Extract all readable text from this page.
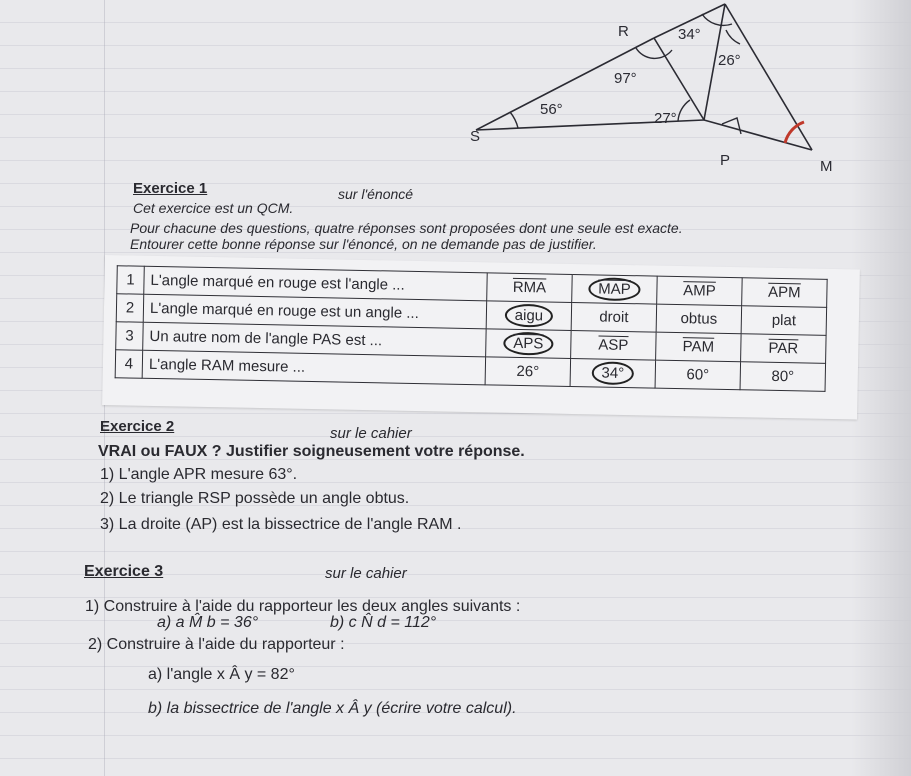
R
S
P	M
34°
26°
97°
56°
27°
Exercice 1	sur l'énoncé
Cet exercice est un QCM.
Pour chacune des questions, quatre réponses sont proposées dont une seule est exacte.
Entourer cette bonne réponse sur l'énoncé, on ne demande pas de justifier.
1	L'angle marqué en rouge est l'angle ...	$\overline{RMA}$	$\overline{MAP}$	$\overline{AMP}$	$\overline{APM}$
2	L'angle marqué en rouge est un angle ...	aigu	droit	obtus	plat
3	Un autre nom de l'angle PAS est ...	$\overline{APS}$	$\overline{ASP}$	$\overline{PAM}$	$\overline{PAR}$
4	L'angle RAM mesure ...	26°	34°	60°	80°
Exercice 2	sur le cahier
VRAI ou FAUX ? Justifier soigneusement votre réponse.
1) L'angle APR mesure 63°.
2) Le triangle RSP possède un angle obtus.
3) La droite (AP) est la bissectrice de l'angle RAM .
Exercice 3	sur le cahier
1) Construire à l'aide du rapporteur les deux angles suivants :
a) a M̂ b = 36°	b) c N̂ d = 112°
2) Construire à l'aide du rapporteur :
a) l'angle x Â y = 82°
b) la bissectrice de l'angle x Â y (écrire votre calcul).
